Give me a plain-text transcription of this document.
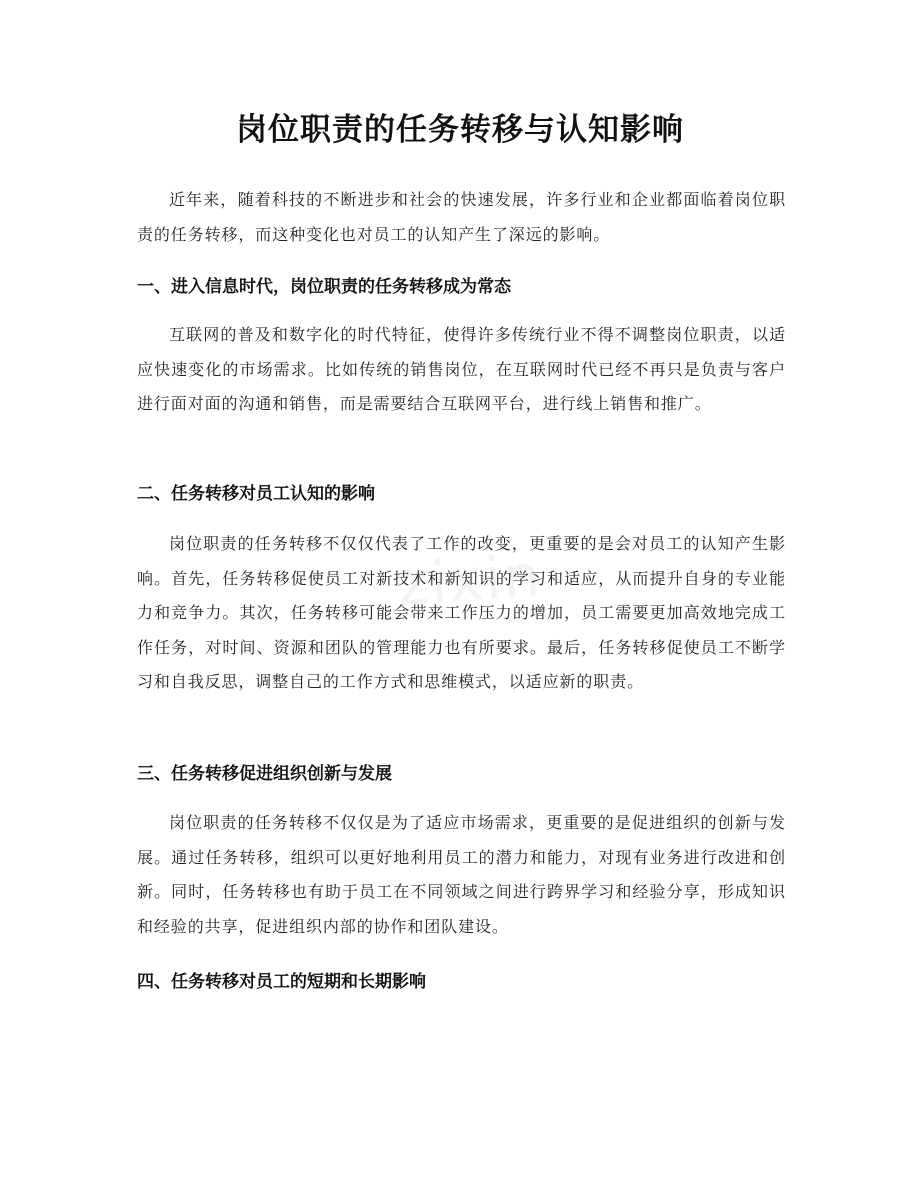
zixin
岗位职责的任务转移与认知影响
近年来，随着科技的不断进步和社会的快速发展，许多行业和企业都面临着岗位职责的任务转移，而这种变化也对员工的认知产生了深远的影响。
一、进入信息时代，岗位职责的任务转移成为常态
互联网的普及和数字化的时代特征，使得许多传统行业不得不调整岗位职责，以适应快速变化的市场需求。比如传统的销售岗位，在互联网时代已经不再只是负责与客户进行面对面的沟通和销售，而是需要结合互联网平台，进行线上销售和推广。
二、任务转移对员工认知的影响
岗位职责的任务转移不仅仅代表了工作的改变，更重要的是会对员工的认知产生影响。首先，任务转移促使员工对新技术和新知识的学习和适应，从而提升自身的专业能力和竞争力。其次，任务转移可能会带来工作压力的增加，员工需要更加高效地完成工作任务，对时间、资源和团队的管理能力也有所要求。最后，任务转移促使员工不断学习和自我反思，调整自己的工作方式和思维模式，以适应新的职责。
三、任务转移促进组织创新与发展
岗位职责的任务转移不仅仅是为了适应市场需求，更重要的是促进组织的创新与发展。通过任务转移，组织可以更好地利用员工的潜力和能力，对现有业务进行改进和创新。同时，任务转移也有助于员工在不同领域之间进行跨界学习和经验分享，形成知识和经验的共享，促进组织内部的协作和团队建设。
四、任务转移对员工的短期和长期影响
